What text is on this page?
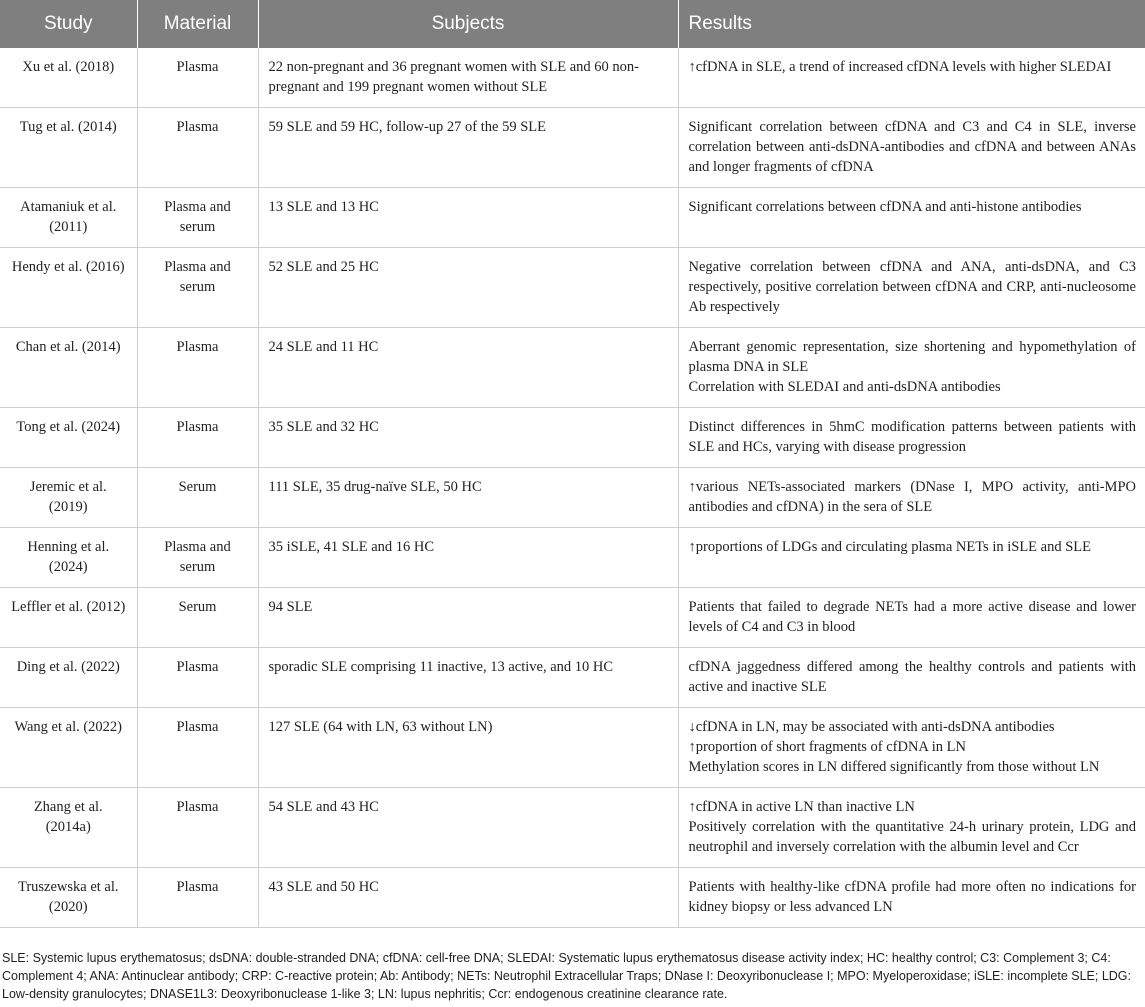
Study	Material	Subjects	Results
Xu et al. (2018)	Plasma	22 non-pregnant and 36 pregnant women with SLE and 60 non-pregnant and 199 pregnant women without SLE	↑cfDNA in SLE, a trend of increased cfDNA levels with higher SLEDAI

Tug et al. (2014)	Plasma	59 SLE and 59 HC, follow-up 27 of the 59 SLE	Significant correlation between cfDNA and C3 and C4 in SLE, inverse correlation between anti-dsDNA-antibodies and cfDNA and between ANAs and longer fragments of cfDNA

Atamaniuk et al. (2011)	Plasma and serum	13 SLE and 13 HC	Significant correlations between cfDNA and anti-histone antibodies

Hendy et al. (2016)	Plasma and serum	52 SLE and 25 HC	Negative correlation between cfDNA and ANA, anti-dsDNA, and C3 respectively, positive correlation between cfDNA and CRP, anti-nucleosome Ab respectively

Chan et al. (2014)	Plasma	24 SLE and 11 HC	Aberrant genomic representation, size shortening and hypomethylation of plasma DNA in SLE
Correlation with SLEDAI and anti-dsDNA antibodies

Tong et al. (2024)	Plasma	35 SLE and 32 HC	Distinct differences in 5hmC modification patterns between patients with SLE and HCs, varying with disease progression

Jeremic et al. (2019)	Serum	111 SLE, 35 drug-naïve SLE, 50 HC	↑various NETs-associated markers (DNase I, MPO activity, anti-MPO antibodies and cfDNA) in the sera of SLE

Henning et al. (2024)	Plasma and serum	35 iSLE, 41 SLE and 16 HC	↑proportions of LDGs and circulating plasma NETs in iSLE and SLE

Leffler et al. (2012)	Serum	94 SLE	Patients that failed to degrade NETs had a more active disease and lower levels of C4 and C3 in blood

Ding et al. (2022)	Plasma	sporadic SLE comprising 11 inactive, 13 active, and 10 HC	cfDNA jaggedness differed among the healthy controls and patients with active and inactive SLE

Wang et al. (2022)	Plasma	127 SLE (64 with LN, 63 without LN)	↓cfDNA in LN, may be associated with anti-dsDNA antibodies
↑proportion of short fragments of cfDNA in LN
Methylation scores in LN differed significantly from those without LN

Zhang et al. (2014a)	Plasma	54 SLE and 43 HC	↑cfDNA in active LN than inactive LN
Positively correlation with the quantitative 24-h urinary protein, LDG and neutrophil and inversely correlation with the albumin level and Ccr

Truszewska et al. (2020)	Plasma	43 SLE and 50 HC	Patients with healthy-like cfDNA profile had more often no indications for kidney biopsy or less advanced LN
SLE: Systemic lupus erythematosus; dsDNA: double-stranded DNA; cfDNA: cell-free DNA; SLEDAI: Systematic lupus erythematosus disease activity index; HC: healthy control; C3: Complement 3; C4: Complement 4; ANA: Antinuclear antibody; CRP: C-reactive protein; Ab: Antibody; NETs: Neutrophil Extracellular Traps; DNase I: Deoxyribonuclease I; MPO: Myeloperoxidase; iSLE: incomplete SLE; LDG: Low-density granulocytes; DNASE1L3: Deoxyribonuclease 1-like 3; LN: lupus nephritis; Ccr: endogenous creatinine clearance rate.
